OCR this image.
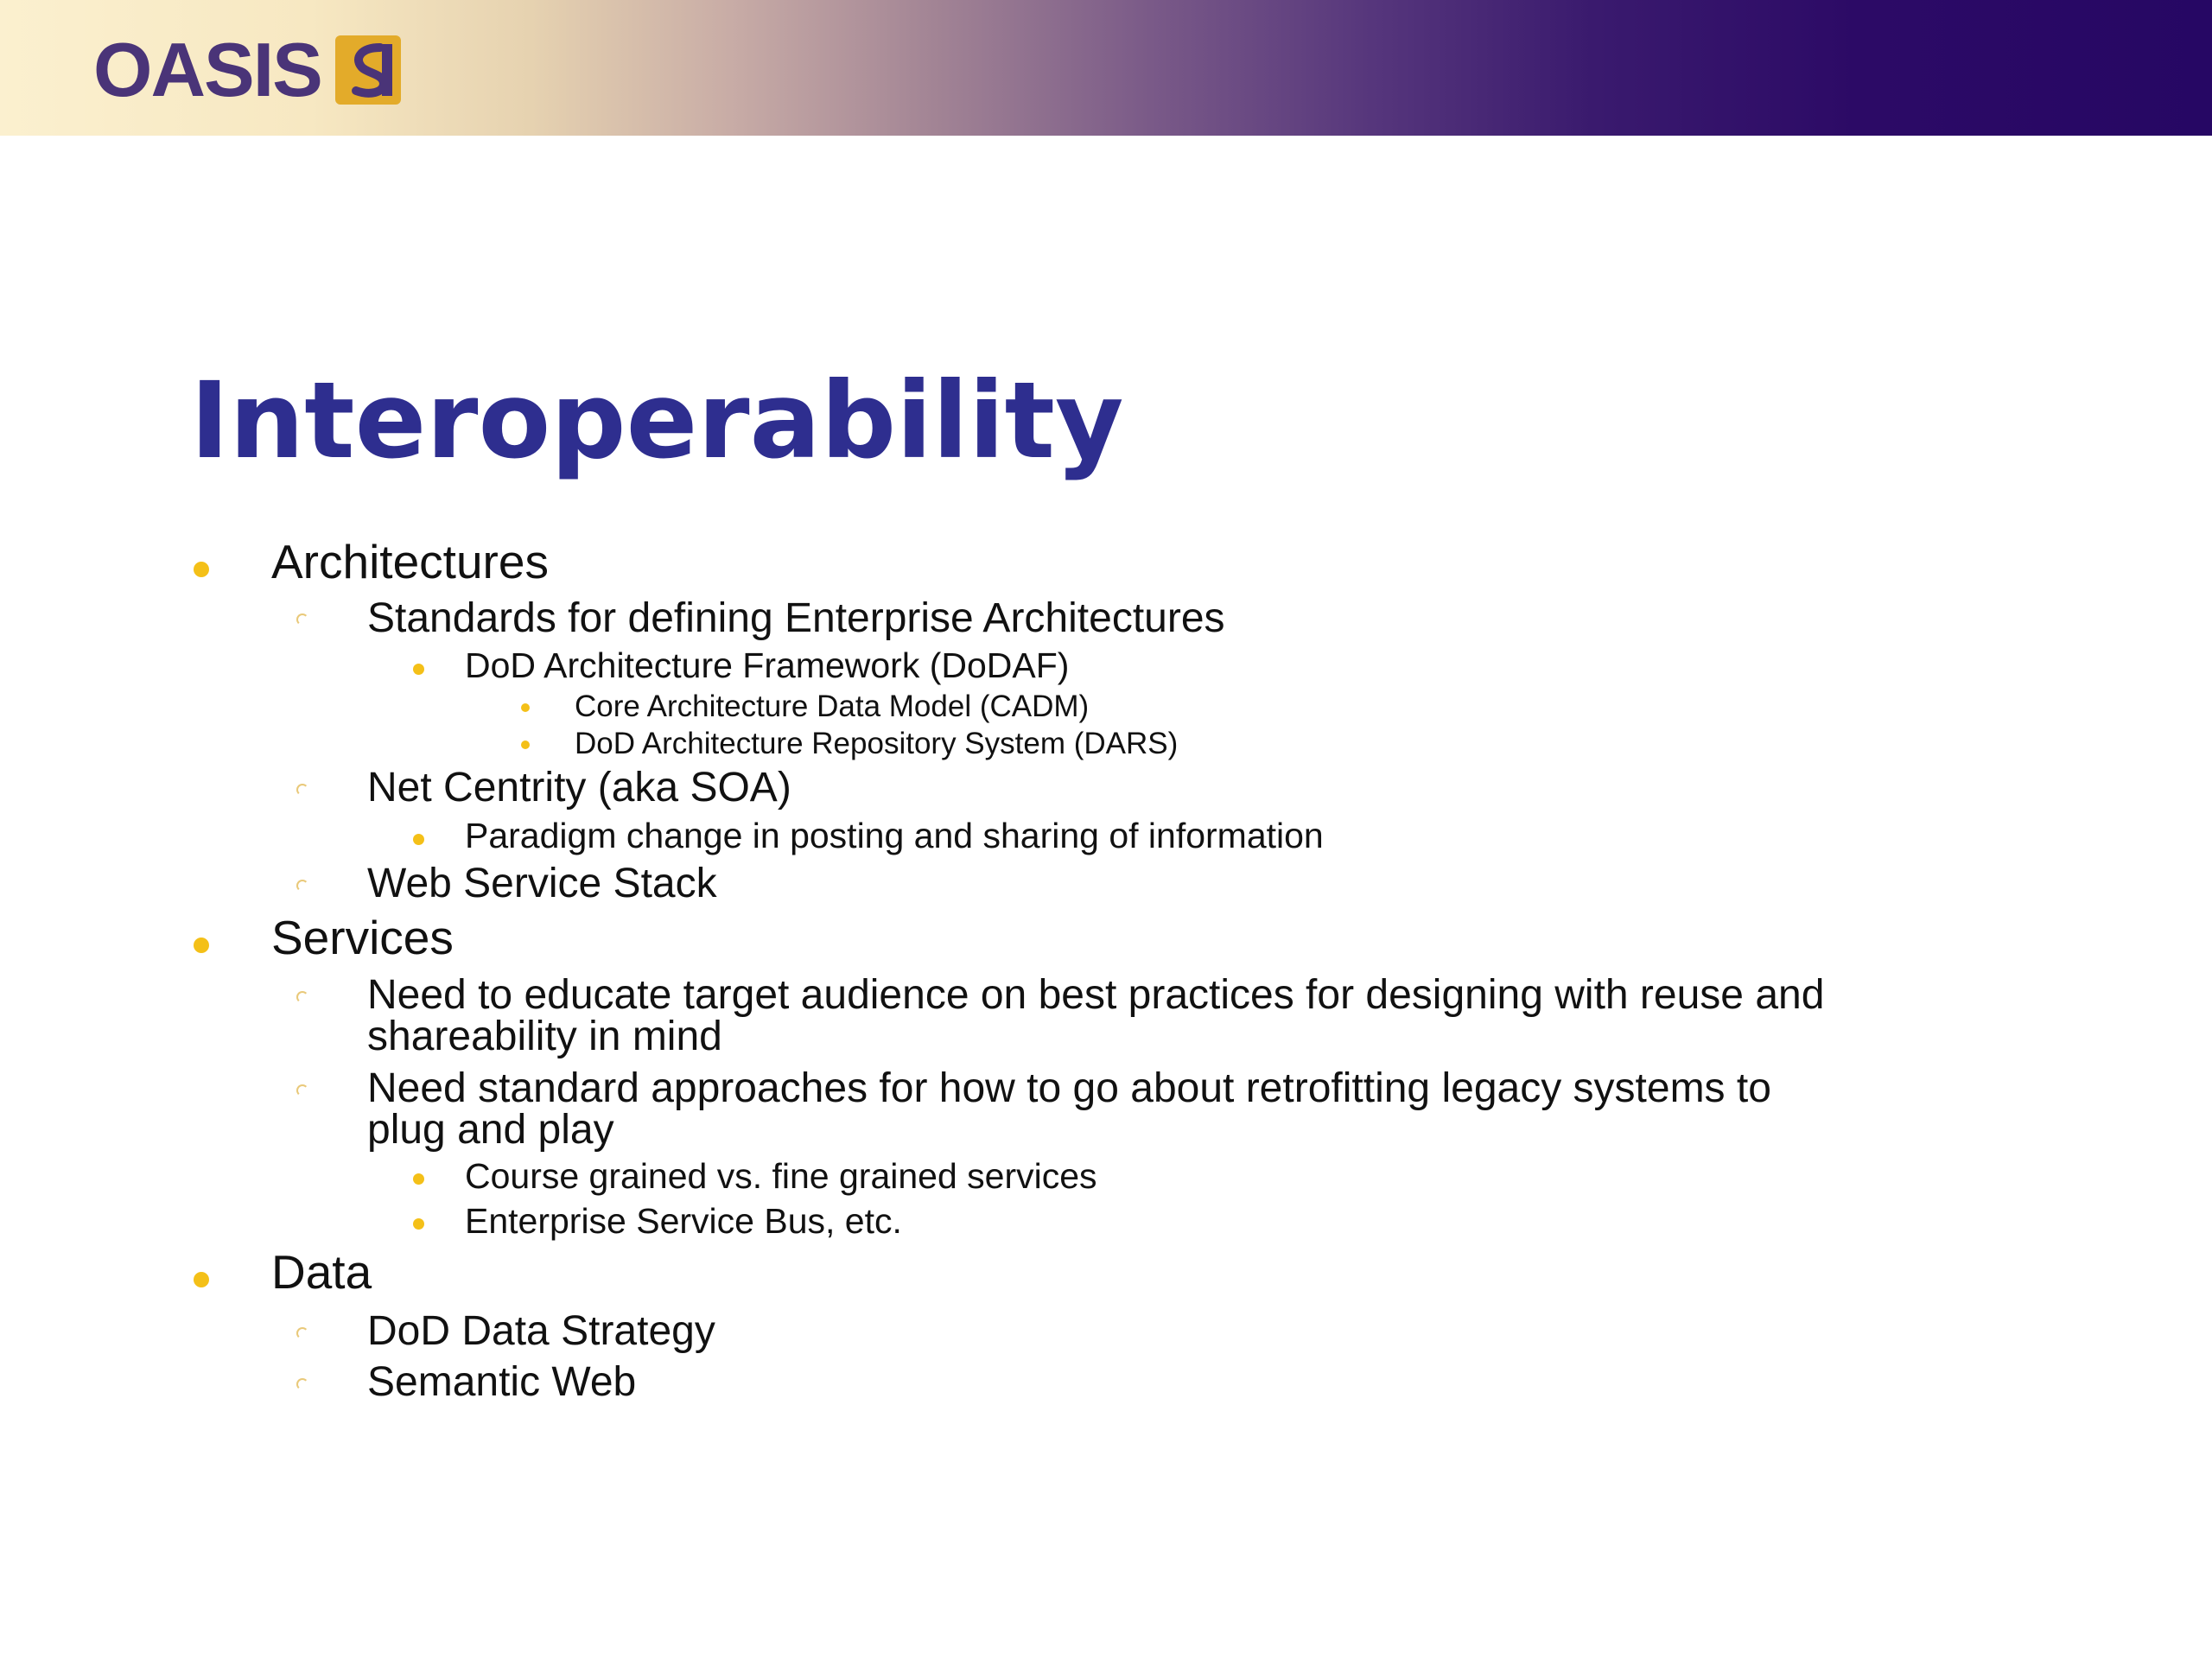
OASIS
Interoperability
Architectures
Standards for defining Enterprise Architectures
DoD Architecture Framework (DoDAF)
Core Architecture Data Model (CADM)
DoD Architecture Repository System (DARS)
Net Centrity (aka SOA)
Paradigm change in posting and sharing of information
Web Service Stack
Services
Need to educate target audience on best practices for designing with reuse and
shareability in mind
Need standard approaches for how to go about retrofitting legacy systems to
plug and play
Course grained vs. fine grained services
Enterprise Service Bus, etc.
Data
DoD Data Strategy
Semantic Web
